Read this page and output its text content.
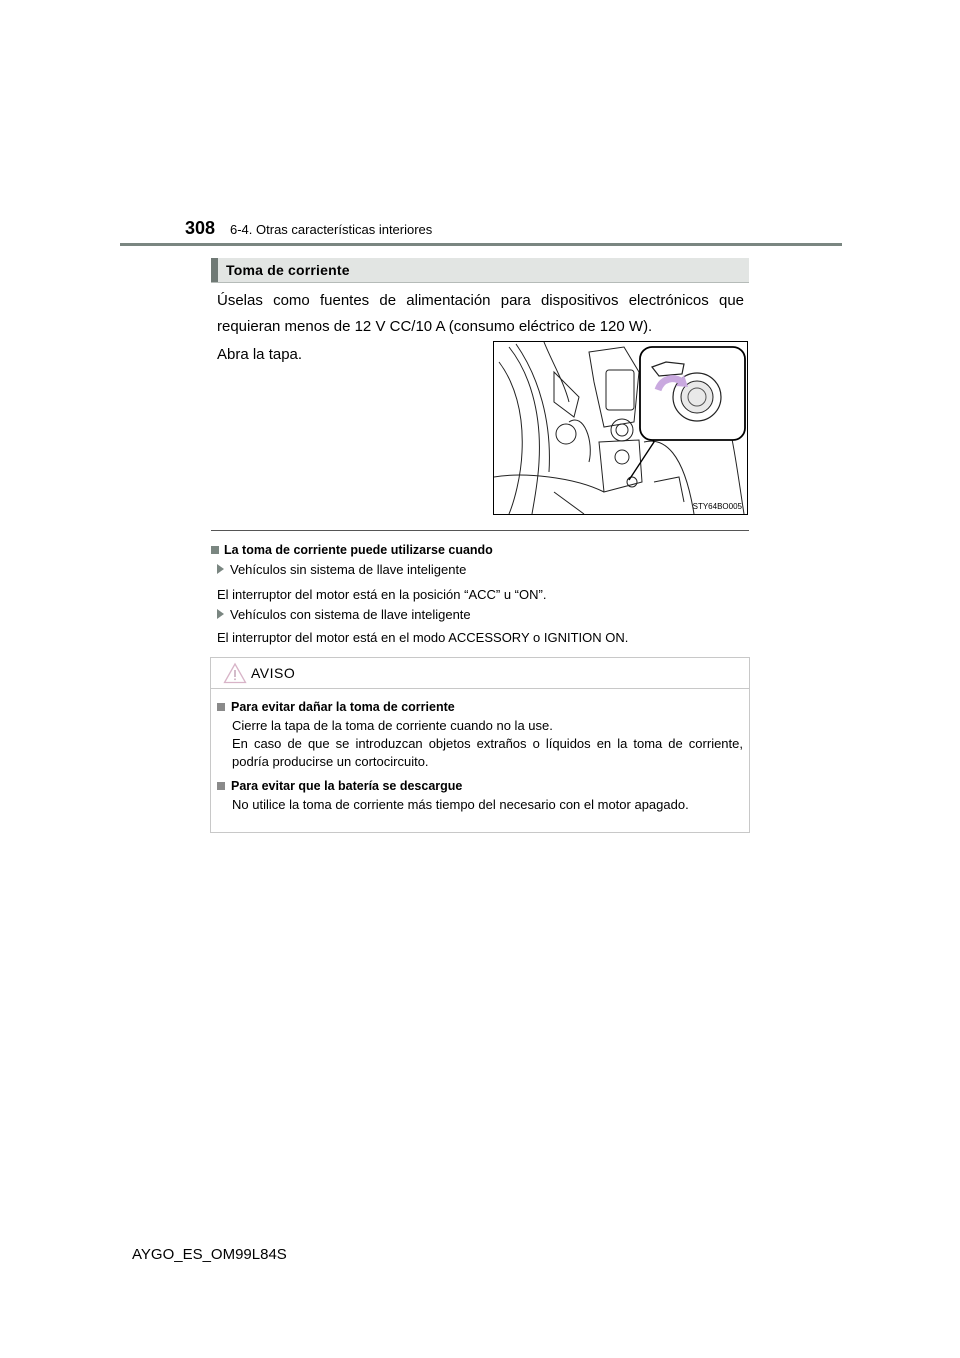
308 6-4. Otras características interiores
Toma de corriente
Úselas como fuentes de alimentación para dispositivos electrónicos que requieran menos de 12 V CC/10 A (consumo eléctrico de 120 W).
Abra la tapa.
STY64BO005
La toma de corriente puede utilizarse cuando
Vehículos sin sistema de llave inteligente
El interruptor del motor está en la posición “ACC” u “ON”.
Vehículos con sistema de llave inteligente
El interruptor del motor está en el modo ACCESSORY o IGNITION ON.
AVISO
Para evitar dañar la toma de corriente
Cierre la tapa de la toma de corriente cuando no la use.
En caso de que se introduzcan objetos extraños o líquidos en la toma de corriente, podría producirse un cortocircuito.
Para evitar que la batería se descargue
No utilice la toma de corriente más tiempo del necesario con el motor apagado.
AYGO_ES_OM99L84S
